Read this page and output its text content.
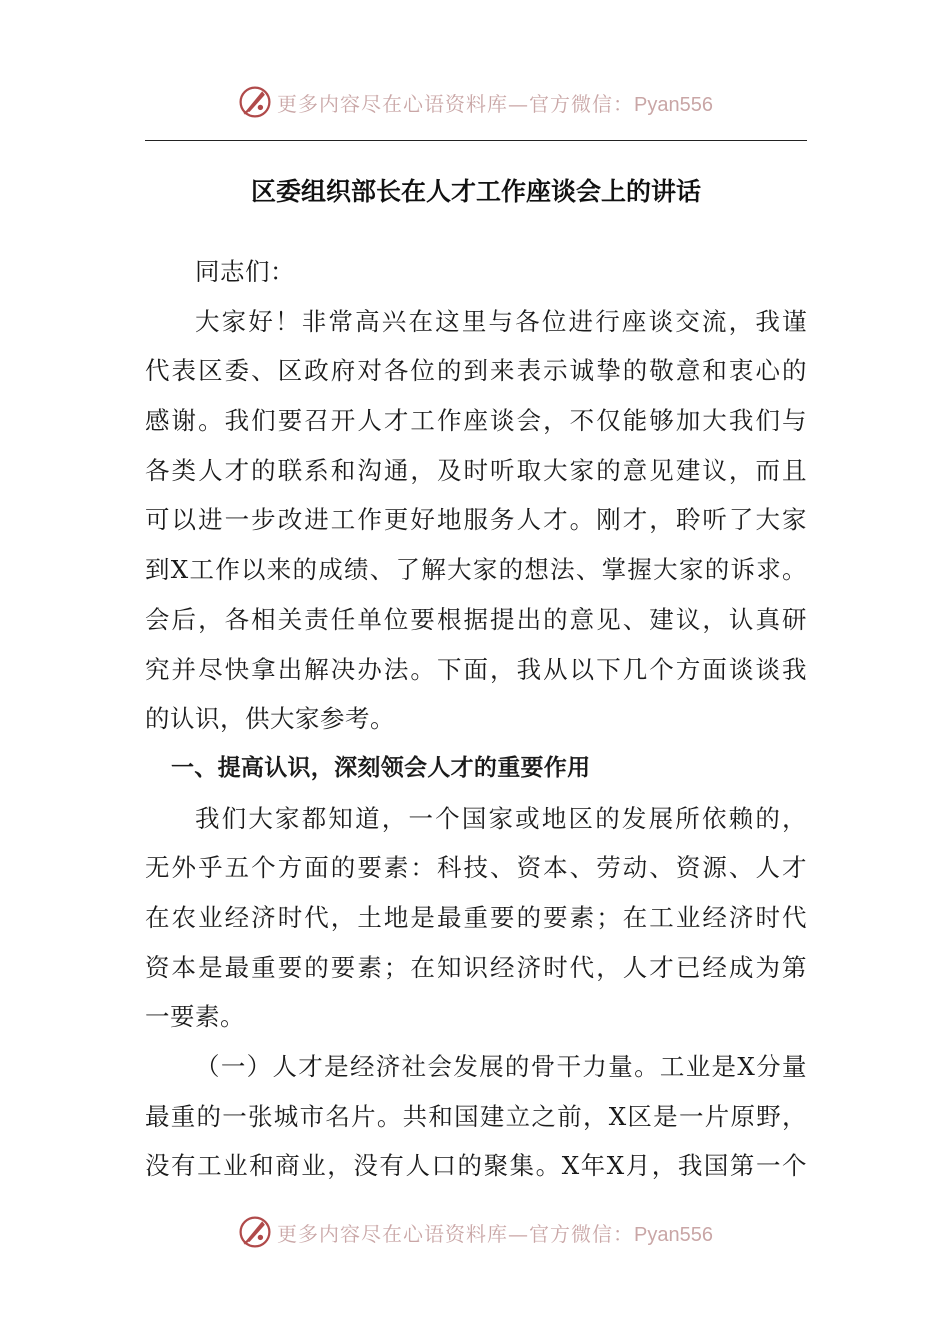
更多内容尽在心语资料库—官方微信：Pyan556
区委组织部长在人才工作座谈会上的讲话
同志们：
大家好！非常高兴在这里与各位进行座谈交流，我谨
代表区委、区政府对各位的到来表示诚挚的敬意和衷心的
感谢。我们要召开人才工作座谈会，不仅能够加大我们与
各类人才的联系和沟通，及时听取大家的意见建议，而且
可以进一步改进工作更好地服务人才。刚才，聆听了大家
到X工作以来的成绩、了解大家的想法、掌握大家的诉求。
会后，各相关责任单位要根据提出的意见、建议，认真研
究并尽快拿出解决办法。下面，我从以下几个方面谈谈我
的认识，供大家参考。
一、提高认识，深刻领会人才的重要作用
我们大家都知道，一个国家或地区的发展所依赖的，
无外乎五个方面的要素：科技、资本、劳动、资源、人才
在农业经济时代，土地是最重要的要素；在工业经济时代
资本是最重要的要素；在知识经济时代，人才已经成为第
一要素。
（一）人才是经济社会发展的骨干力量。工业是X分量
最重的一张城市名片。共和国建立之前，X区是一片原野，
没有工业和商业，没有人口的聚集。X年X月，我国第一个
更多内容尽在心语资料库—官方微信：Pyan556
